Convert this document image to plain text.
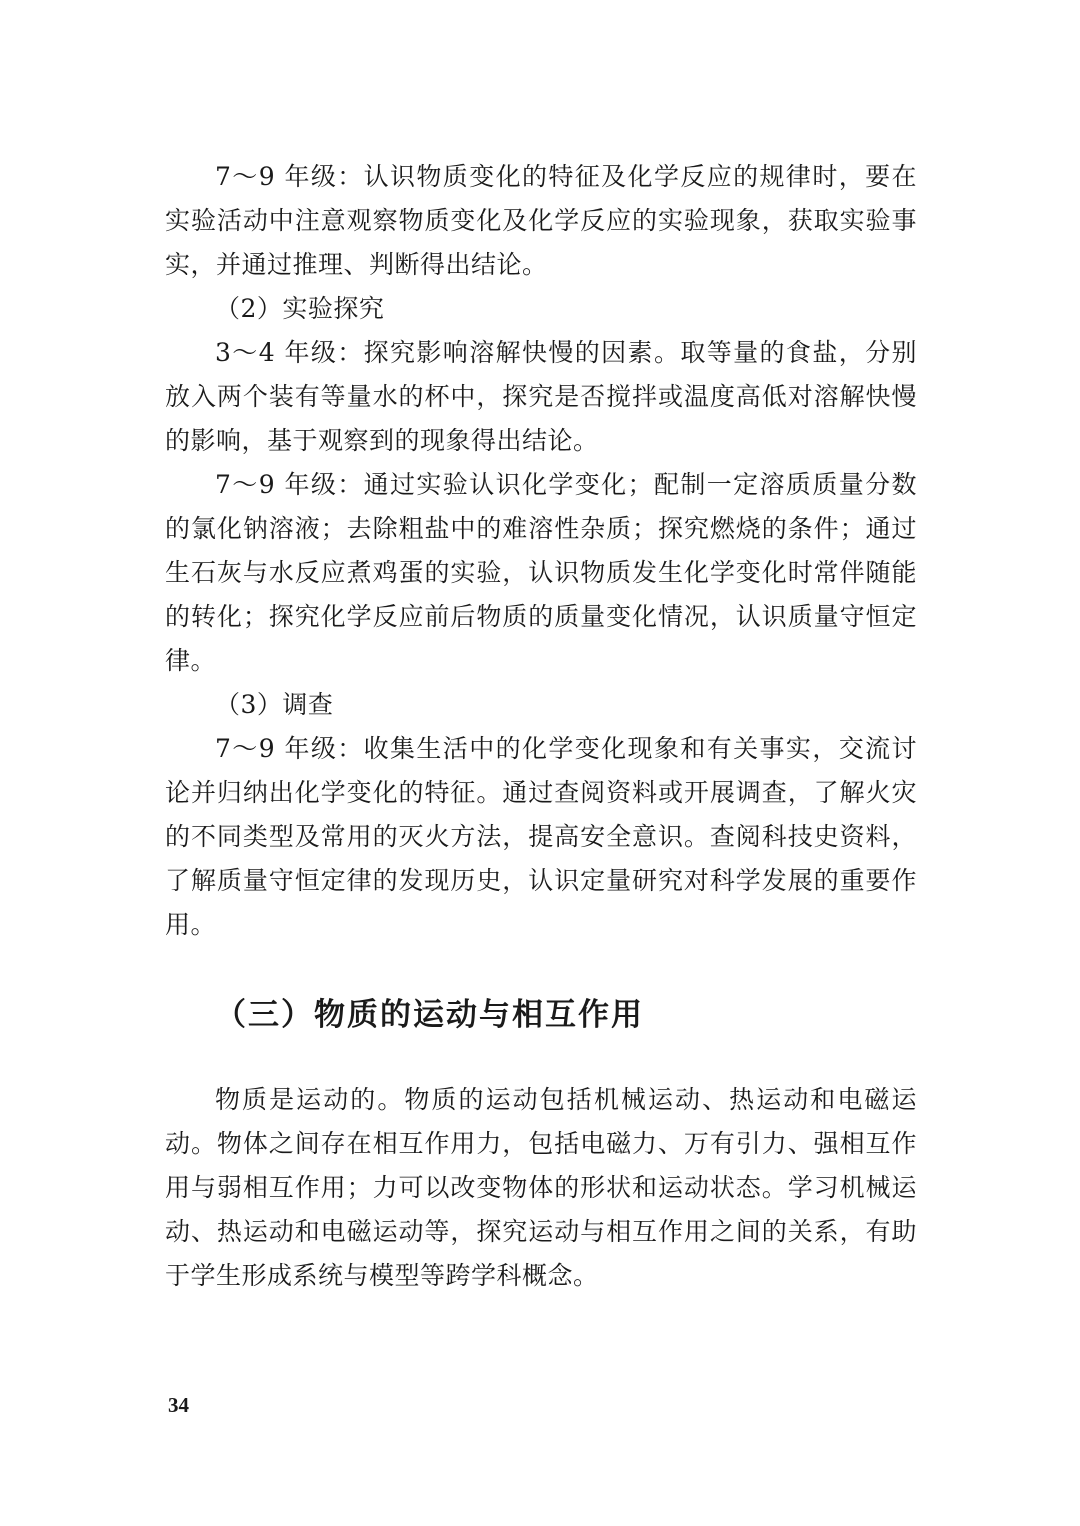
7～9 年级：认识物质变化的特征及化学反应的规律时，要在实验活动中注意观察物质变化及化学反应的实验现象，获取实验事实，并通过推理、判断得出结论。

（2）实验探究

3～4 年级：探究影响溶解快慢的因素。取等量的食盐，分别放入两个装有等量水的杯中，探究是否搅拌或温度高低对溶解快慢的影响，基于观察到的现象得出结论。

7～9 年级：通过实验认识化学变化；配制一定溶质质量分数的氯化钠溶液；去除粗盐中的难溶性杂质；探究燃烧的条件；通过生石灰与水反应煮鸡蛋的实验，认识物质发生化学变化时常伴随能的转化；探究化学反应前后物质的质量变化情况，认识质量守恒定律。

（3）调查

7～9 年级：收集生活中的化学变化现象和有关事实，交流讨论并归纳出化学变化的特征。通过查阅资料或开展调查，了解火灾的不同类型及常用的灭火方法，提高安全意识。查阅科技史资料，了解质量守恒定律的发现历史，认识定量研究对科学发展的重要作用。

（三）物质的运动与相互作用

物质是运动的。物质的运动包括机械运动、热运动和电磁运动。物体之间存在相互作用力，包括电磁力、万有引力、强相互作用与弱相互作用；力可以改变物体的形状和运动状态。学习机械运动、热运动和电磁运动等，探究运动与相互作用之间的关系，有助于学生形成系统与模型等跨学科概念。

34
